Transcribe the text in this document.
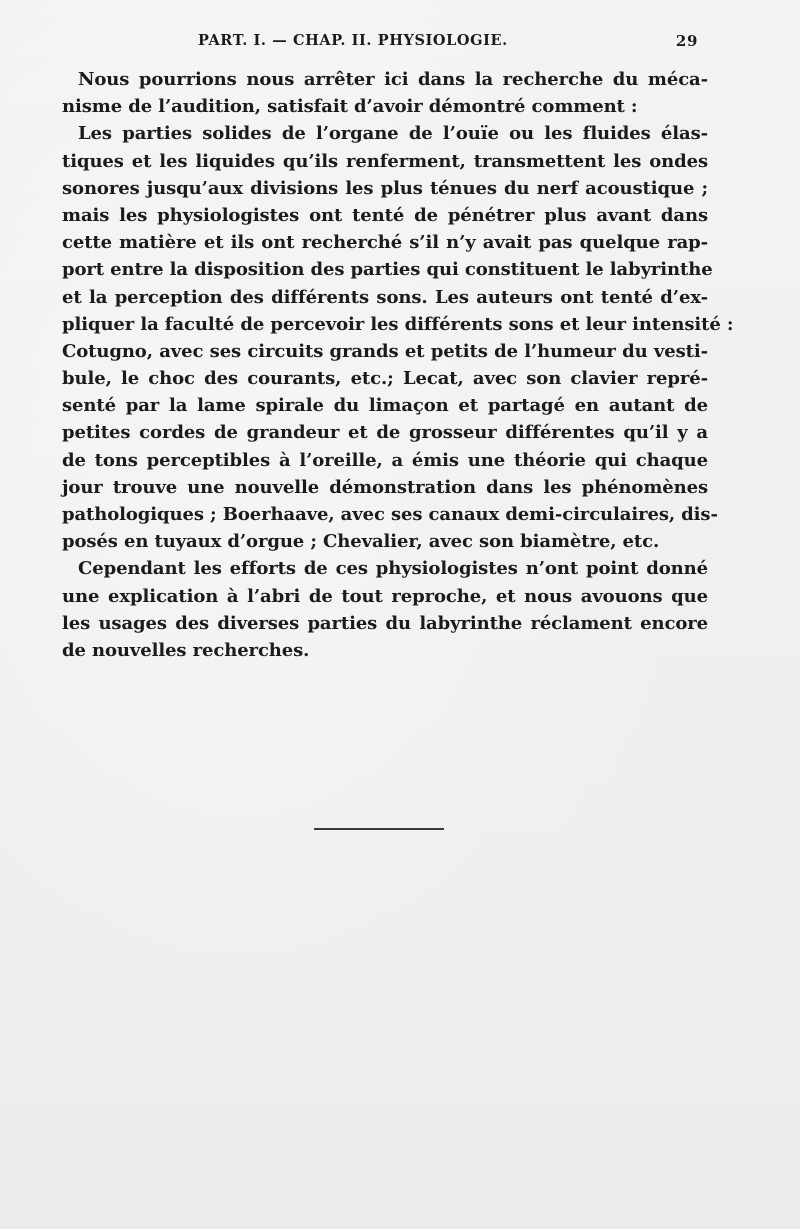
PART. I. — CHAP. II. PHYSIOLOGIE.	29
Nous pourrions nous arrêter ici dans la recherche du méca-
nisme de l’audition, satisfait d’avoir démontré comment :
Les parties solides de l’organe de l’ouïe ou les fluides élas-
tiques et les liquides qu’ils renferment, transmettent les ondes
sonores jusqu’aux divisions les plus ténues du nerf acoustique ;
mais les physiologistes ont tenté de pénétrer plus avant dans
cette matière et ils ont recherché s’il n’y avait pas quelque rap-
port entre la disposition des parties qui constituent le labyrinthe
et la perception des différents sons. Les auteurs ont tenté d’ex-
pliquer la faculté de percevoir les différents sons et leur intensité :
Cotugno, avec ses circuits grands et petits de l’humeur du vesti-
bule, le choc des courants, etc.; Lecat, avec son clavier repré-
senté par la lame spirale du limaçon et partagé en autant de
petites cordes de grandeur et de grosseur différentes qu’il y a
de tons perceptibles à l’oreille, a émis une théorie qui chaque
jour trouve une nouvelle démonstration dans les phénomènes
pathologiques ; Boerhaave, avec ses canaux demi-circulaires, dis-
posés en tuyaux d’orgue ; Chevalier, avec son biamètre, etc.
Cependant les efforts de ces physiologistes n’ont point donné
une explication à l’abri de tout reproche, et nous avouons que
les usages des diverses parties du labyrinthe réclament encore
de nouvelles recherches.
